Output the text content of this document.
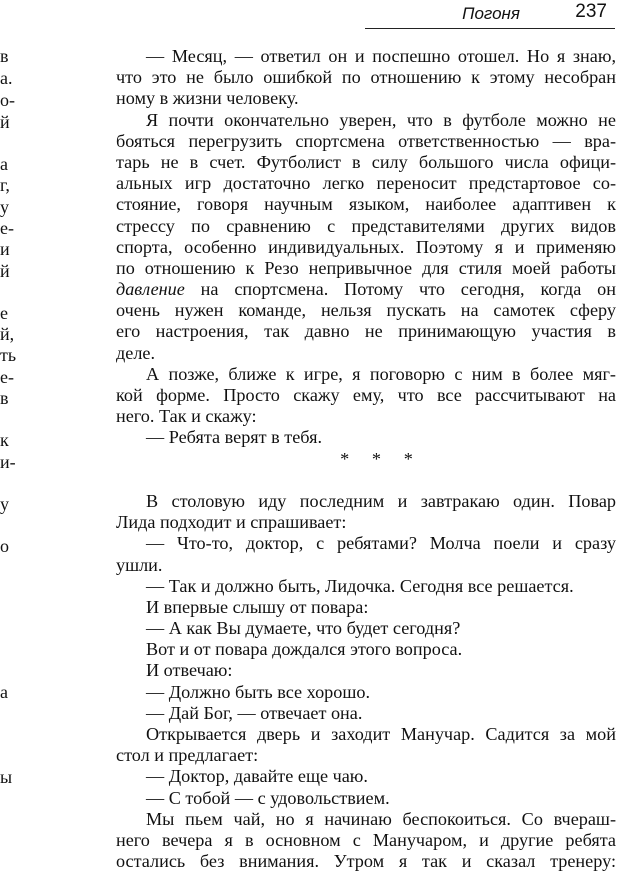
Погоня	237
в
а.
о-
й
а
г,
у
е-
и
й
е
й,
ть
е-
в
к
и-
у
о
а
ы
— Месяц, — ответил он и поспешно отошел. Но я знаю,
что это не было ошибкой по отношению к этому несобран
ному в жизни человеку.
Я почти окончательно уверен, что в футболе можно не
бояться перегрузить спортсмена ответственностью — вра-
тарь не в счет. Футболист в силу большого числа офици-
альных игр достаточно легко переносит предстартовое со-
стояние, говоря научным языком, наиболее адаптивен к
стрессу по сравнению с представителями других видов
спорта, особенно индивидуальных. Поэтому я и применяю
по отношению к Резо непривычное для стиля моей работы
давление на спортсмена. Потому что сегодня, когда он
очень нужен команде, нельзя пускать на самотек сферу
его настроения, так давно не принимающую участия в
деле.
А позже, ближе к игре, я поговорю с ним в более мяг-
кой форме. Просто скажу ему, что все рассчитывают на
него. Так и скажу:
— Ребята верят в тебя.
* * *
В столовую иду последним и завтракаю один. Повар
Лида подходит и спрашивает:
— Что-то, доктор, с ребятами? Молча поели и сразу
ушли.
— Так и должно быть, Лидочка. Сегодня все решается.
И впервые слышу от повара:
— А как Вы думаете, что будет сегодня?
Вот и от повара дождался этого вопроса.
И отвечаю:
— Должно быть все хорошо.
— Дай Бог, — отвечает она.
Открывается дверь и заходит Манучар. Садится за мой
стол и предлагает:
— Доктор, давайте еще чаю.
— С тобой — с удовольствием.
Мы пьем чай, но я начинаю беспокоиться. Со вчераш-
него вечера я в основном с Манучаром, и другие ребята
остались без внимания. Утром я так и сказал тренеру:
